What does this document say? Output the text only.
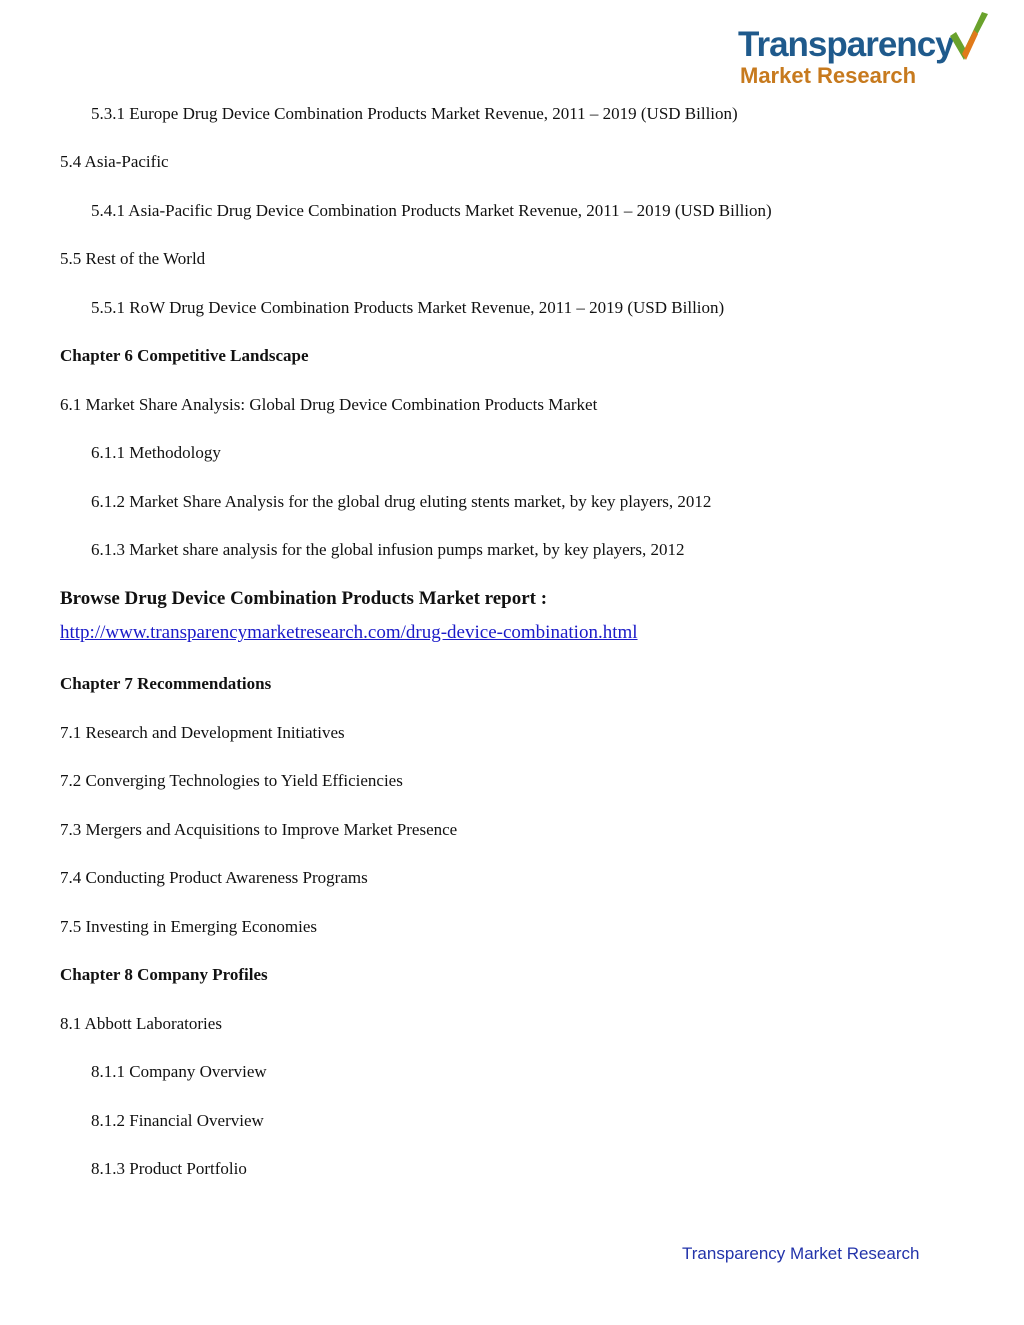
Transparency
Market Research
5.3.1 Europe Drug Device Combination Products Market Revenue, 2011 – 2019 (USD Billion)
5.4 Asia-Pacific
5.4.1 Asia-Pacific Drug Device Combination Products Market Revenue, 2011 – 2019 (USD Billion)
5.5 Rest of the World
5.5.1 RoW Drug Device Combination Products Market Revenue, 2011 – 2019 (USD Billion)
Chapter 6 Competitive Landscape
6.1 Market Share Analysis: Global Drug Device Combination Products Market
6.1.1 Methodology
6.1.2 Market Share Analysis for the global drug eluting stents market, by key players, 2012
6.1.3 Market share analysis for the global infusion pumps market, by key players, 2012
Browse Drug Device Combination Products Market report :
http://www.transparencymarketresearch.com/drug-device-combination.html
Chapter 7 Recommendations
7.1 Research and Development Initiatives
7.2 Converging Technologies to Yield Efficiencies
7.3 Mergers and Acquisitions to Improve Market Presence
7.4 Conducting Product Awareness Programs
7.5 Investing in Emerging Economies
Chapter 8 Company Profiles
8.1 Abbott Laboratories
8.1.1 Company Overview
8.1.2 Financial Overview
8.1.3 Product Portfolio
Transparency Market Research
